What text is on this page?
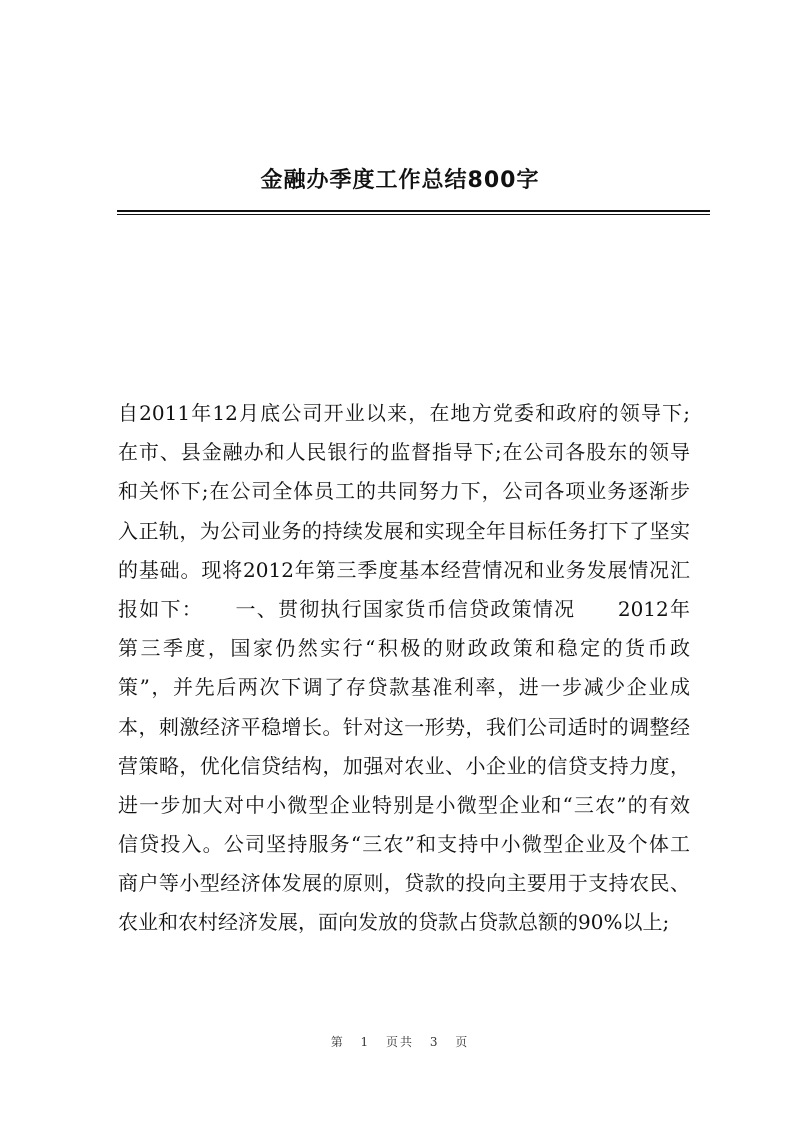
金融办季度工作总结800字
自2011年12月底公司开业以来，在地方党委和政府的领导下;
在市、县金融办和人民银行的监督指导下;在公司各股东的领导
和关怀下;在公司全体员工的共同努力下，公司各项业务逐渐步
入正轨，为公司业务的持续发展和实现全年目标任务打下了坚实
的基础。现将2012年第三季度基本经营情况和业务发展情况汇
报如下：　　一、贯彻执行国家货币信贷政策情况　　2012年
第三季度，国家仍然实行“积极的财政政策和稳定的货币政
策”，并先后两次下调了存贷款基准利率，进一步减少企业成
本，刺激经济平稳增长。针对这一形势，我们公司适时的调整经
营策略，优化信贷结构，加强对农业、小企业的信贷支持力度，
进一步加大对中小微型企业特别是小微型企业和“三农”的有效
信贷投入。公司坚持服务“三农”和支持中小微型企业及个体工
商户等小型经济体发展的原则，贷款的投向主要用于支持农民、
农业和农村经济发展，面向发放的贷款占贷款总额的90%以上;
第 1 页共 3 页
